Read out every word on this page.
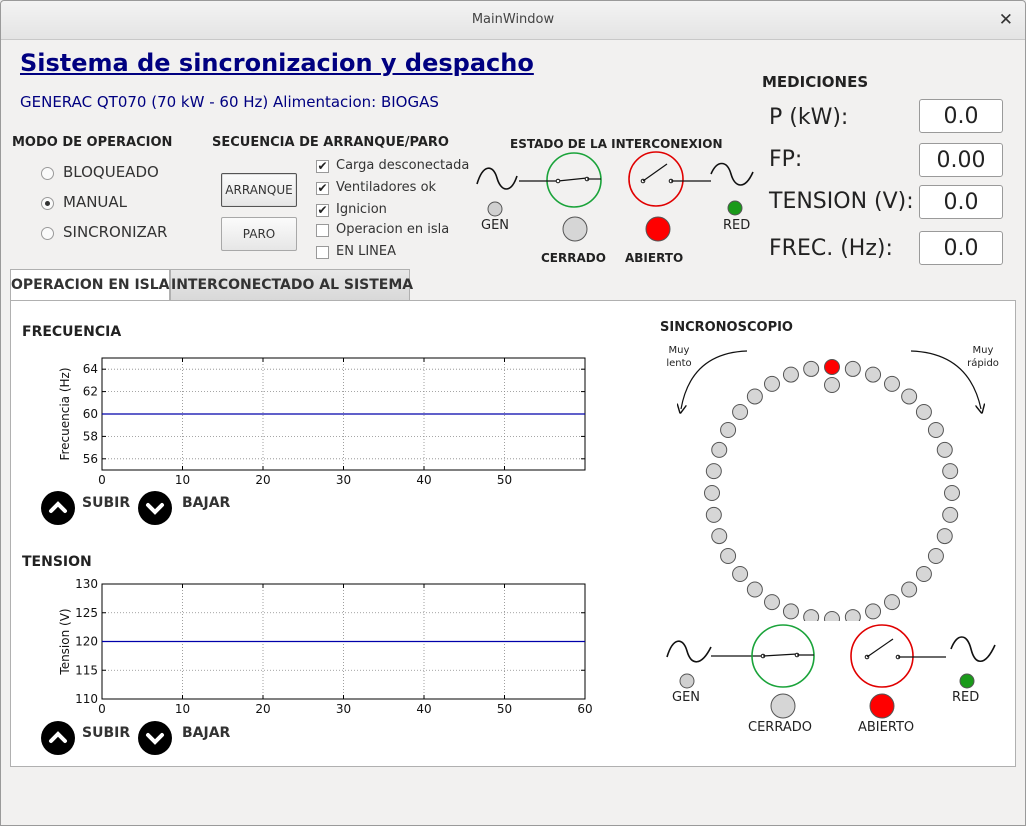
MainWindow	✕
Sistema de sincronizacion y despacho
GENERAC QT070 (70 kW - 60 Hz) Alimentacion: BIOGAS
MODO DE OPERACION
BLOQUEADO
MANUAL
SINCRONIZAR
SECUENCIA DE ARRANQUE/PARO
ARRANQUE
PARO
✔ Carga desconectada
✔ Ventiladores ok
✔ Ignicion
Operacion en isla
EN LINEA
ESTADO DE LA INTERCONEXION
GEN	RED
CERRADO ABIERTO
MEDICIONES
P (kW):	0.0
FP:	0.00
TENSION (V):	0.0
FREC. (Hz):	0.0
OPERACION EN ISLA INTERCONECTADO AL SISTEMA
FRECUENCIA
0	10	20	30	40	50
56
58
60
62
64
Frecuencia (Hz)
SUBIR	BAJAR
TENSION
0	10	20	30	40	50	60
110
115
120
125
130
Tension (V)
SUBIR	BAJAR
SINCRONOSCOPIO
Muy
lento
Muy
rápido
GEN	RED
CERRADO	ABIERTO
